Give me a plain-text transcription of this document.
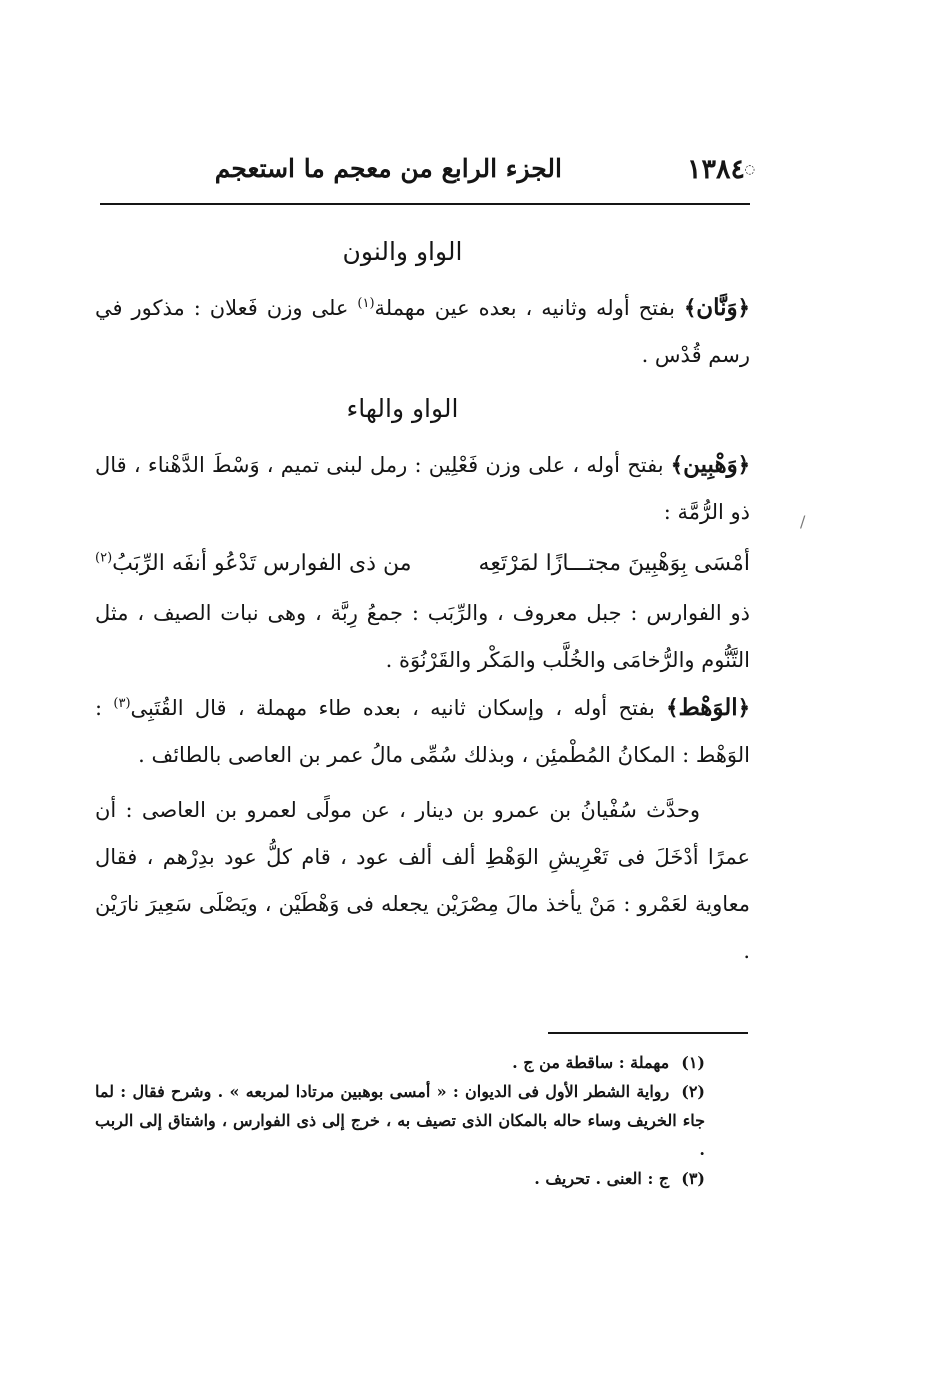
◌
١٣٨٤
الجزء الرابع من معجم ما استعجم
الواو والنون

﴿وَنَّان﴾ بفتح أوله وثانيه ، بعده عين مهملة$^{(١)}$ على وزن فَعلان : مذكور في رسم قُدْس .

الواو والهاء

﴿وَهْبِين﴾ بفتح أوله ، على وزن فَعْلِين : رمل لبنى تميم ، وَسْطَ الدَّهْناء ، قال ذو الرُّمَّة :

أمْسَى بِوَهْبِينَ مجتـــازًا لمَرْتَعِه
من ذى الفوارس تَدْعُو أنفَه الرِّبَبُ$^{(٢)}$

ذو الفوارس : جبل معروف ، والرِّبَب : جمعُ رِبَّة ، وهى نبات الصيف ، مثل التَّنُّوم والرُّخامَى والخُلَّب والمَكْر والقَرْنُوَة .

﴿الوَهْط﴾ بفتح أوله ، وإسكان ثانيه ، بعده طاء مهملة ، قال القُتَبِى$^{(٣)}$ : الوَهْط : المكانُ المُطْمئِن ، وبذلك سُمِّى مالُ عمر بن العاصى بالطائف .

وحدَّث سُفْيانُ بن عمرو بن دينار ، عن مولًى لعمرو بن العاصى : أن عمرًا أدْخَلَ فى تَعْرِيشِ الوَهْطِ ألف ألف عود ، قام كلُّ عود بدِرْهم ، فقال معاوية لعَمْرو : مَنْ يأخذ مالَ مِصْرَيْن يجعله فى وَهْطَيْن ، ويَصْلَى سَعِيرَ نارَيْن .

(١)مهملة : ساقطة من ج .

(٢)رواية الشطر الأول فى الديوان : « أمسى بوهبين مرتادا لمربعه » . وشرح فقال : لما جاء الخريف وساء حاله بالمكان الذى تصيف به ، خرج إلى ذى الفوارس ، واشتاق إلى الربب .

(٣)ج : العنى . تحريف .

/
